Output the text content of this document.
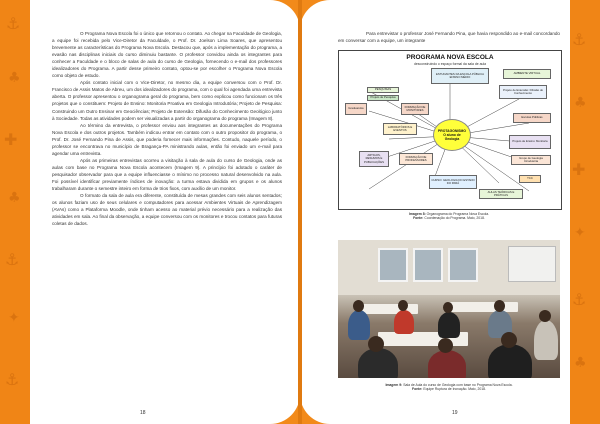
⚓
♣
✚
♣
⚓
✦
⚓
⚓
♣
✚
✦
⚓
♣

O Programa Nova Escola foi o único que retornou o contato. Ao chegar na Faculdade de Geologia, a equipe foi recebida pelo Vice-Diretor da Faculdade, o Prof. Dr. Joelson Lima Soares, que apresentou brevemente as características do Programa Nova Escola. Destacou que, após a implementação do programa, a evasão nas disciplinas iniciais do curso diminuiu bastante. O professor convidou ainda os integrantes para conhecer a Faculdade e o bloco de salas de aula do curso de Geologia, fornecendo o e-mail dos professores idealizadores do Programa. A partir desse primeiro contato, optou-se por escolher o Programa Nova Escola como objeto de estudo.

Após contato inicial com o Vice-Diretor, no mesmo dia, a equipe conversou com o Prof. Dr. Francisco de Assis Matos de Abreu, um dos idealizadores do programa, com o qual foi agendada uma entrevista aberta. O professor apresentou o organograma geral do programa, bem como explicou como funcionam os três projetos que o constituem: Projeto de Ensino: Monitoria Proativa em Geologia Introdutória; Projeto de Pesquisa: Construindo um Outro Ensinar em Geociências; Projeto de Extensão: Difusão do Conhecimento Geológico junto à Sociedade. Todas as atividades podem ser visualizadas a partir do organograma do programa (Imagem 8).

Ao término da entrevista, o professor enviou aos integrantes as documentações do Programa Nova Escola e dos outros projetos. Também indicou entrar em contato com o outro propositor do programa, o Prof. Dr. José Fernando Pina de Assis, que poderia fornecer mais informações. Contudo, naquele período, o professor se encontrava no município de Bragança-PA ministrando aulas, então foi enviado um e-mail para agendar uma entrevista.

Após as primeiras entrevistas ocorreu a visitação à sala de aula do curso de Geologia, onde as aulas com base no Programa Nova Escola acontecem (Imagem 9). A princípio foi adotado o caráter de pesquisador observador para que a equipe influenciasse o mínimo no processo natural desenvolvido na aula. Foi possível identificar previamente índices de inovação: a turma estava dividida em grupos e os alunos trabalharam durante o semestre inteiro em forma de trios fixos, com auxílio de um monitor.

O formato da sala de aula era diferente, constituída de mesas grandes com seis alunos sentados; os alunos faziam uso de seus celulares e computadores para acessar Ambientes Virtuais de Aprendizagem (AVAs) como a Plataforma Moodle, onde tinham acesso ao material prévio necessário para a realização das atividades em sala. Ao final da observação, a equipe conversou com os monitores e trocou contatos para futuras coletas de dados.

18

Para entrevistar o professor José Fernando Pina, que havia respondido ao e-mail concordando em conversar com a equipe, um integrante

PROGRAMA NOVA ESCOLA
desconstruindo o espaço formal da sala de aula
ESTUDANTES DA ESCOLA PÚBLICA ENSINO MÉDIO
AMBIENTE VIRTUAL
PESQUISAS
Projeto de Pesquisa
FORMAÇÃO DE MONITORES
Projeto de Extensão: Difusão do Conhecimento
Graduandos
LABORATÓRIOS E EVENTOS
Escolas Públicas
ARTIGOS, RESUMOS E PUBLICAÇÕES
FORMAÇÃO DE PROFESSORES
Projeto de Ensino: Monitoria
Grupo de Geologia Introdutória
CURSO: GEOLOGIA DO ESTADO DO PARÁ
TCC
AULAS TEÓRICAS E PRÁTICAS
PROTAGONISMO
O aluno de
Geologia
Imagem 8: Organograma do Programa Nova Escola.
Fonte: Coordenação do Programa. Maio, 2018.
Imagem 9: Sala de Aula do curso de Geologia com base no Programa Nova Escola.
Fonte: Equipe Ruptura de Inovação. Maio, 2018.
19
